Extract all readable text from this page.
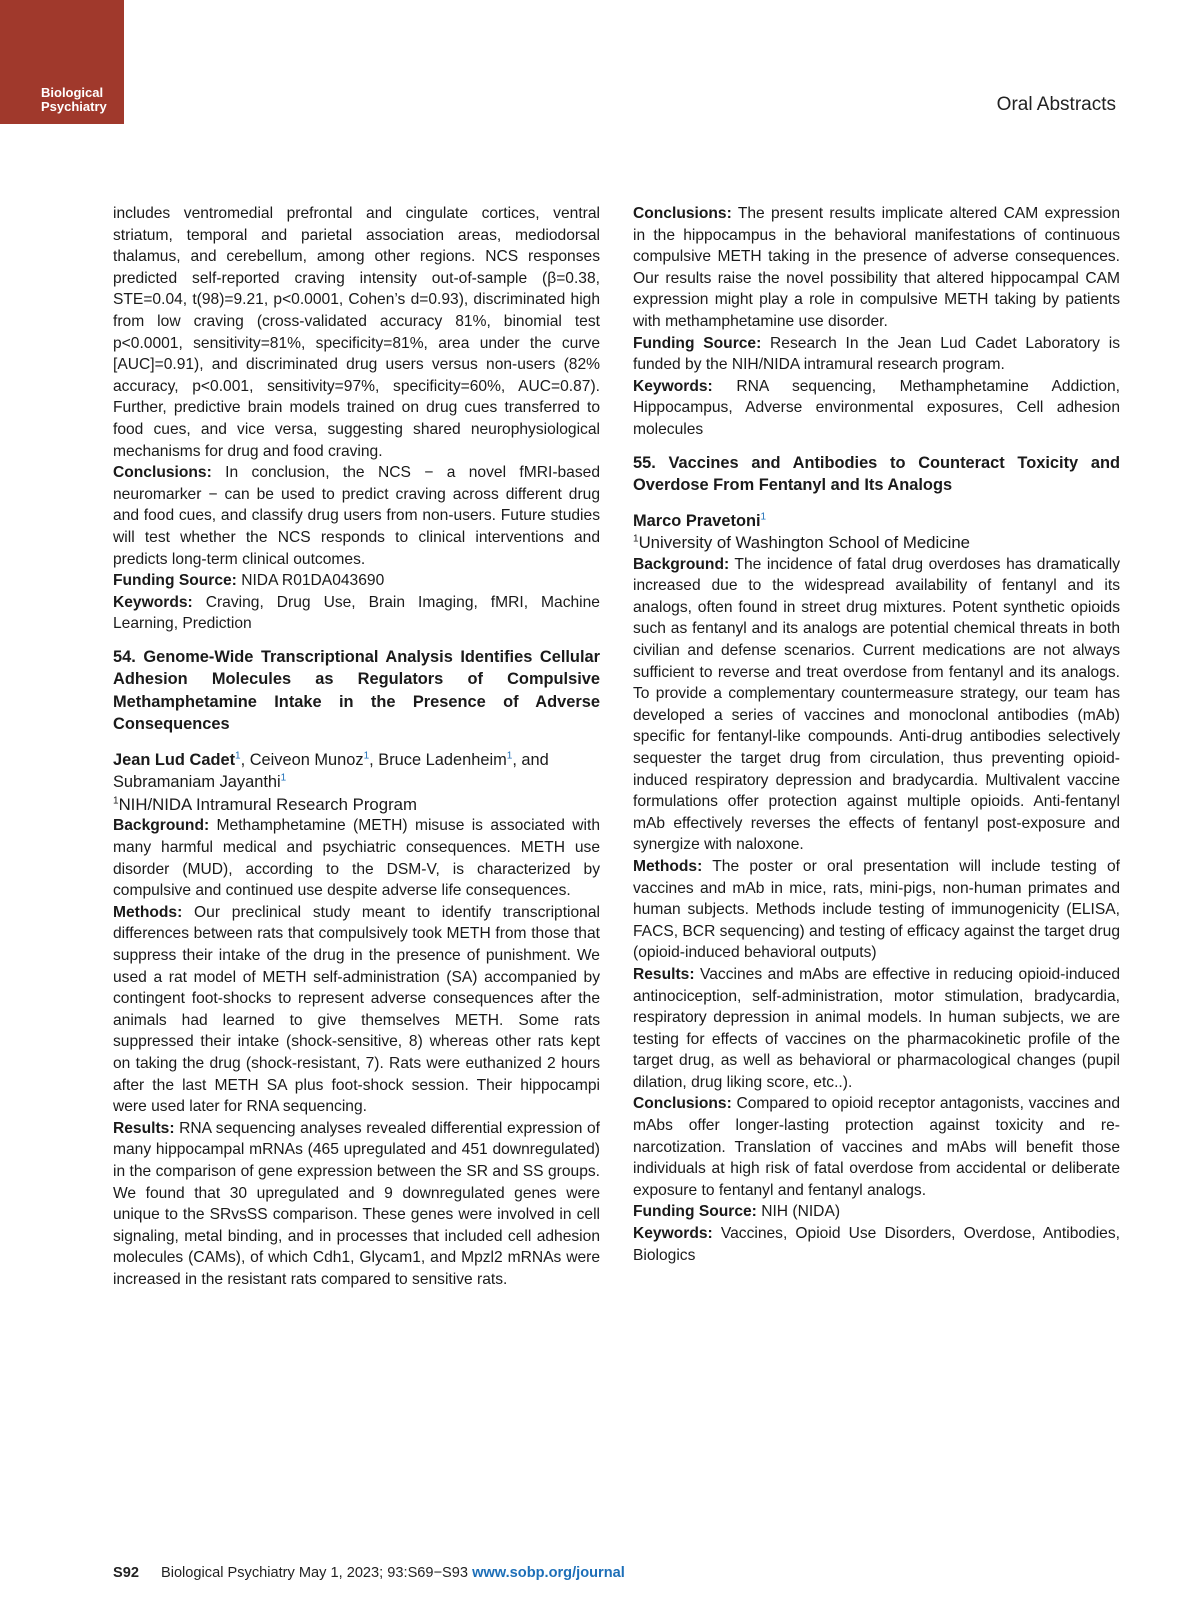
Biological
Psychiatry	Oral Abstracts

includes ventromedial prefrontal and cingulate cortices, ventral striatum, temporal and parietal association areas, mediodorsal thalamus, and cerebellum, among other regions. NCS responses predicted self-reported craving intensity out-of-sample (β=0.38, STE=0.04, t(98)=9.21, p<0.0001, Cohen’s d=0.93), discriminated high from low craving (cross-validated accuracy 81%, binomial test p<0.0001, sensitivity=81%, specificity=81%, area under the curve [AUC]=0.91), and discriminated drug users versus non-users (82% accuracy, p<0.001, sensitivity=97%, specificity=60%, AUC=0.87). Further, predictive brain models trained on drug cues transferred to food cues, and vice versa, suggesting shared neurophysiological mechanisms for drug and food craving.

Conclusions: In conclusion, the NCS − a novel fMRI-based neuromarker − can be used to predict craving across different drug and food cues, and classify drug users from non-users. Future studies will test whether the NCS responds to clinical interventions and predicts long-term clinical outcomes.

Funding Source: NIDA R01DA043690

Keywords: Craving, Drug Use, Brain Imaging, fMRI, Machine Learning, Prediction

54. Genome-Wide Transcriptional Analysis Identifies Cellular Adhesion Molecules as Regulators of Compulsive Methamphetamine Intake in the Presence of Adverse Consequences

Jean Lud Cadet$^1$, Ceiveon Munoz$^1$, Bruce Ladenheim$^1$, and Subramaniam Jayanthi$^1$

$^1$NIH/NIDA Intramural Research Program

Background: Methamphetamine (METH) misuse is associated with many harmful medical and psychiatric consequences. METH use disorder (MUD), according to the DSM-V, is characterized by compulsive and continued use despite adverse life consequences.

Methods: Our preclinical study meant to identify transcriptional differences between rats that compulsively took METH from those that suppress their intake of the drug in the presence of punishment. We used a rat model of METH self-administration (SA) accompanied by contingent foot-shocks to represent adverse consequences after the animals had learned to give themselves METH. Some rats suppressed their intake (shock-sensitive, 8) whereas other rats kept on taking the drug (shock-resistant, 7). Rats were euthanized 2 hours after the last METH SA plus foot-shock session. Their hippocampi were used later for RNA sequencing.

Results: RNA sequencing analyses revealed differential expression of many hippocampal mRNAs (465 upregulated and 451 downregulated) in the comparison of gene expression between the SR and SS groups. We found that 30 upregulated and 9 downregulated genes were unique to the SRvsSS comparison. These genes were involved in cell signaling, metal binding, and in processes that included cell adhesion molecules (CAMs), of which Cdh1, Glycam1, and Mpzl2 mRNAs were increased in the resistant rats compared to sensitive rats.

Conclusions: The present results implicate altered CAM expression in the hippocampus in the behavioral manifestations of continuous compulsive METH taking in the presence of adverse consequences. Our results raise the novel possibility that altered hippocampal CAM expression might play a role in compulsive METH taking by patients with methamphetamine use disorder.

Funding Source: Research In the Jean Lud Cadet Laboratory is funded by the NIH/NIDA intramural research program.

Keywords: RNA sequencing, Methamphetamine Addiction, Hippocampus, Adverse environmental exposures, Cell adhesion molecules

55. Vaccines and Antibodies to Counteract Toxicity and Overdose From Fentanyl and Its Analogs

Marco Pravetoni$^1$

$^1$University of Washington School of Medicine

Background: The incidence of fatal drug overdoses has dramatically increased due to the widespread availability of fentanyl and its analogs, often found in street drug mixtures. Potent synthetic opioids such as fentanyl and its analogs are potential chemical threats in both civilian and defense scenarios. Current medications are not always sufficient to reverse and treat overdose from fentanyl and its analogs. To provide a complementary countermeasure strategy, our team has developed a series of vaccines and monoclonal antibodies (mAb) specific for fentanyl-like compounds. Anti-drug antibodies selectively sequester the target drug from circulation, thus preventing opioid-induced respiratory depression and bradycardia. Multivalent vaccine formulations offer protection against multiple opioids. Anti-fentanyl mAb effectively reverses the effects of fentanyl post-exposure and synergize with naloxone.

Methods: The poster or oral presentation will include testing of vaccines and mAb in mice, rats, mini-pigs, non-human primates and human subjects. Methods include testing of immunogenicity (ELISA, FACS, BCR sequencing) and testing of efficacy against the target drug (opioid-induced behavioral outputs)

Results: Vaccines and mAbs are effective in reducing opioid-induced antinociception, self-administration, motor stimulation, bradycardia, respiratory depression in animal models. In human subjects, we are testing for effects of vaccines on the pharmacokinetic profile of the target drug, as well as behavioral or pharmacological changes (pupil dilation, drug liking score, etc..).

Conclusions: Compared to opioid receptor antagonists, vaccines and mAbs offer longer-lasting protection against toxicity and re-narcotization. Translation of vaccines and mAbs will benefit those individuals at high risk of fatal overdose from accidental or deliberate exposure to fentanyl and fentanyl analogs.

Funding Source: NIH (NIDA)

Keywords: Vaccines, Opioid Use Disorders, Overdose, Antibodies, Biologics

S92 Biological Psychiatry May 1, 2023; 93:S69−S93 www.sobp.org/journal
